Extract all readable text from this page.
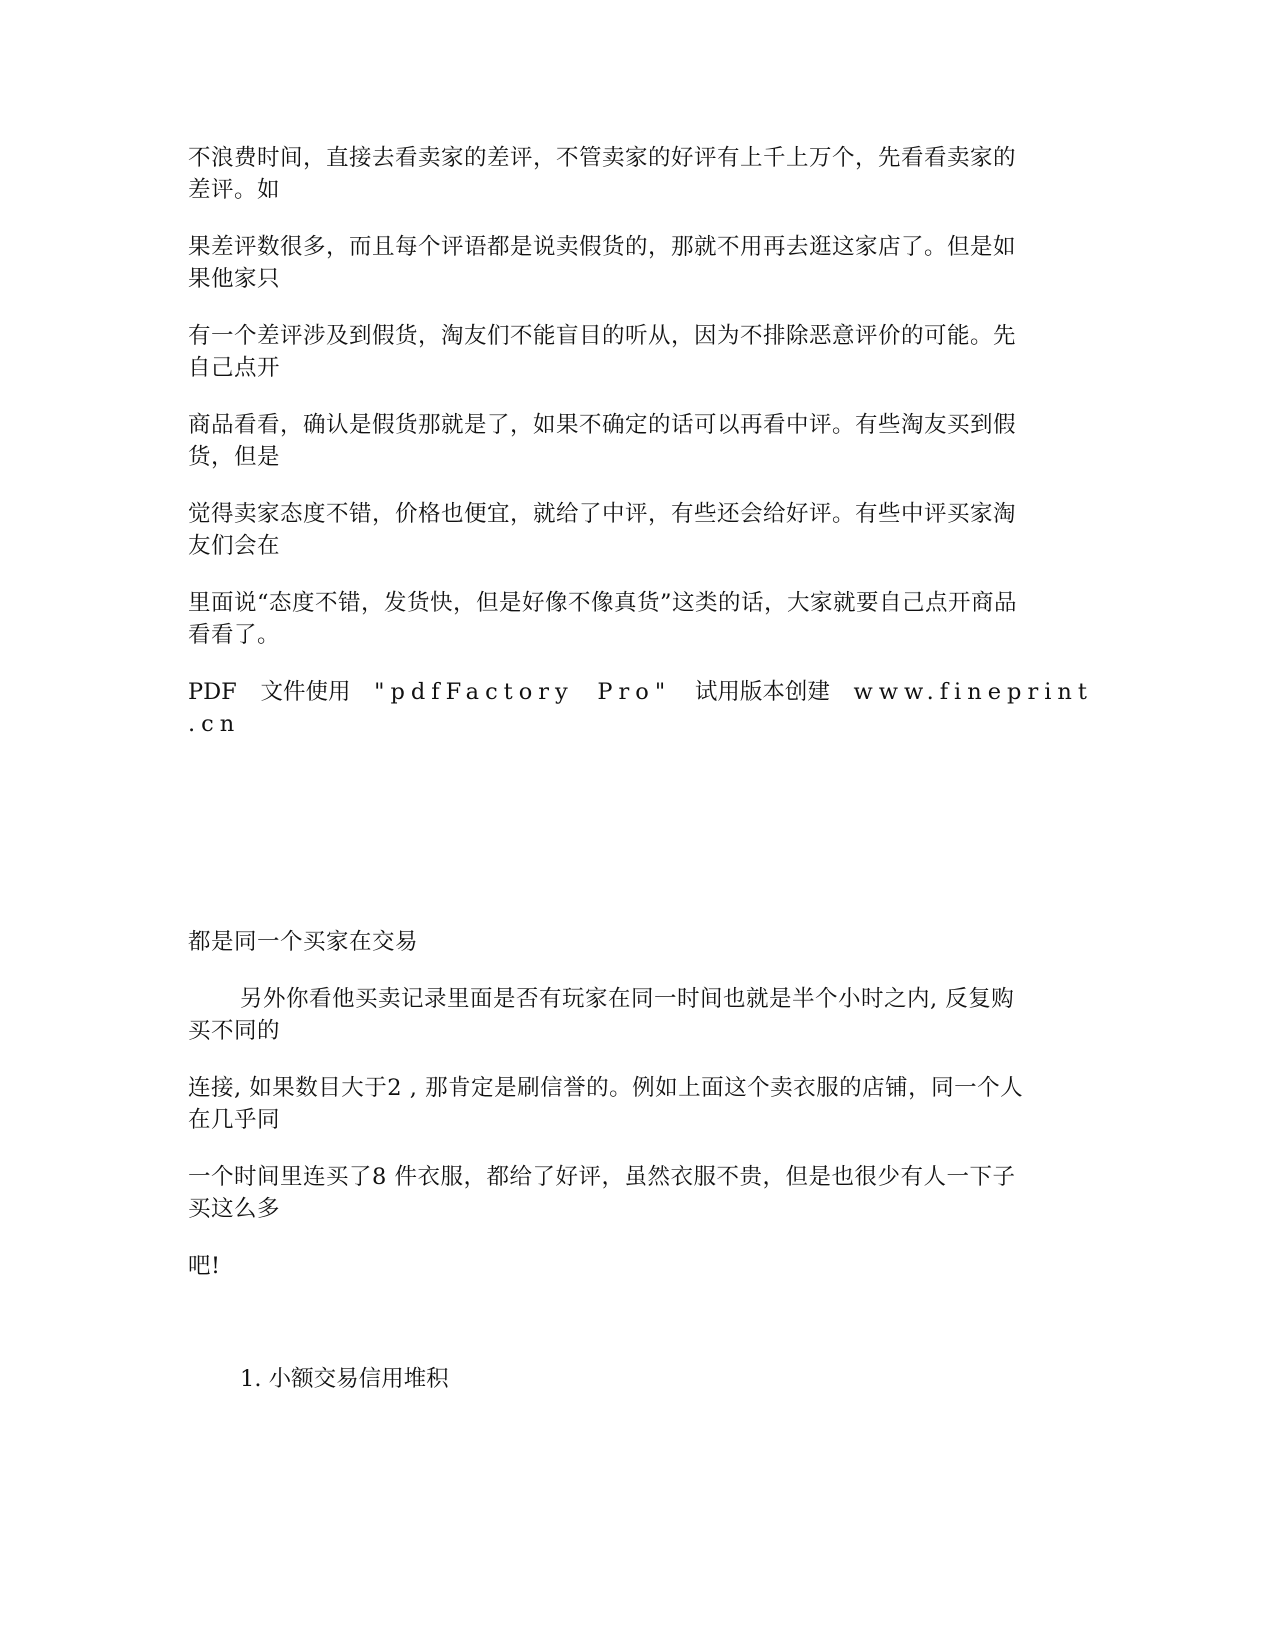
不浪费时间，直接去看卖家的差评，不管卖家的好评有上千上万个，先看看卖家的
差评。如

果差评数很多，而且每个评语都是说卖假货的，那就不用再去逛这家店了。但是如
果他家只

有一个差评涉及到假货，淘友们不能盲目的听从，因为不排除恶意评价的可能。先
自己点开

商品看看，确认是假货那就是了，如果不确定的话可以再看中评。有些淘友买到假
货，但是

觉得卖家态度不错，价格也便宜，就给了中评，有些还会给好评。有些中评买家淘
友们会在

里面说“态度不错，发货快，但是好像不像真货”这类的话，大家就要自己点开商品
看看了。

PDF 文件使用 "pdfFactory Pro" 试用版本创建 www.fineprint

.cn

都是同一个买家在交易

另外你看他买卖记录里面是否有玩家在同一时间也就是半个小时之内, 反复购
买不同的

连接, 如果数目大于2 , 那肯定是刷信誉的。例如上面这个卖衣服的店铺，同一个人
在几乎同

一个时间里连买了8 件衣服，都给了好评，虽然衣服不贵，但是也很少有人一下子
买这么多

吧!

1. 小额交易信用堆积
